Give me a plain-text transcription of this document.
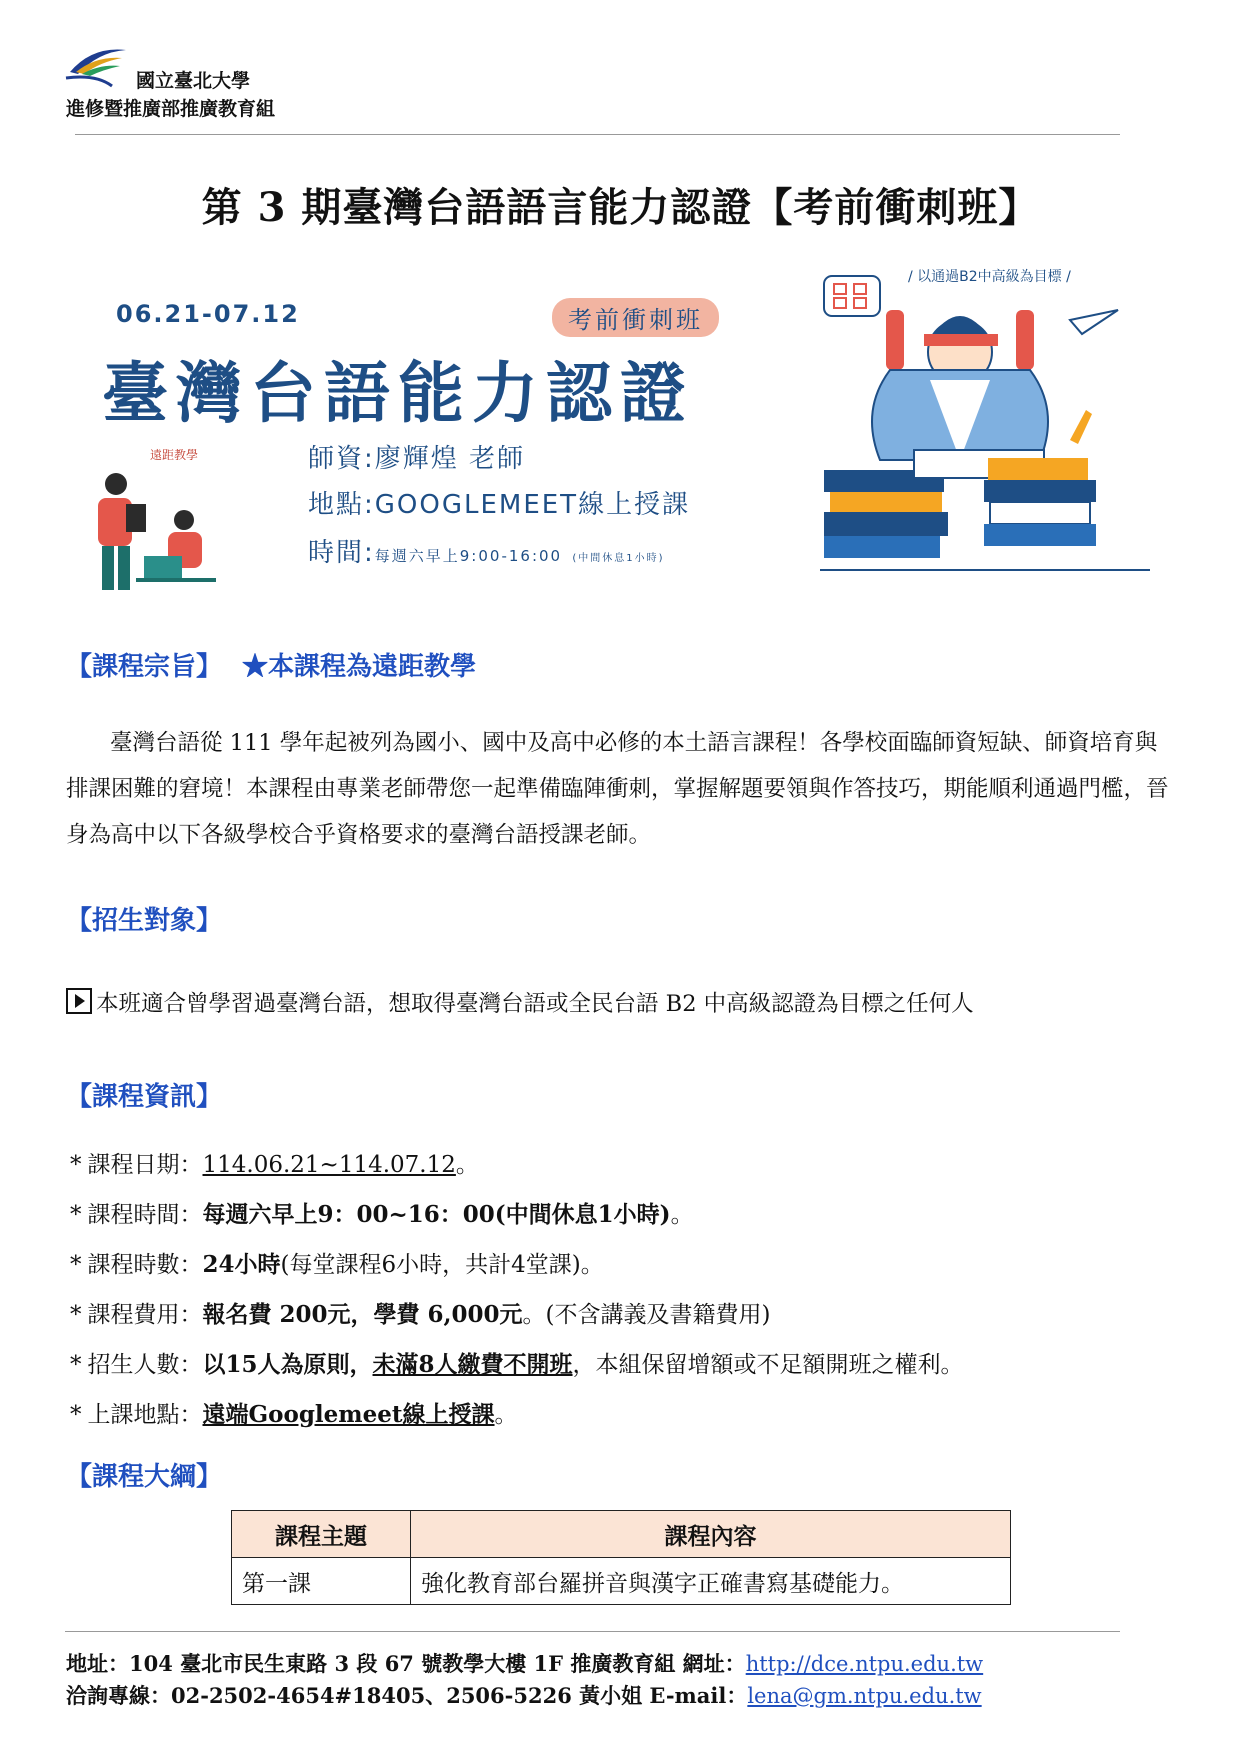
國立臺北大學
進修暨推廣部推廣教育組
第 3 期臺灣台語語言能力認證【考前衝刺班】
06.21-07.12	考前衝刺班
臺灣台語能力認證
遠距教學	師資:廖輝煌 老師
地點:GOOGLEMEET線上授課
時間:每週六早上9:00-16:00 (中間休息1小時)
/ 以通過B2中高級為目標 /
【課程宗旨】 ★本課程為遠距教學
臺灣台語從 111 學年起被列為國小、國中及高中必修的本土語言課程！各學校面臨師資短缺、師資培育與排課困難的窘境！本課程由專業老師帶您一起準備臨陣衝刺，掌握解題要領與作答技巧，期能順利通過門檻，晉身為高中以下各級學校合乎資格要求的臺灣台語授課老師。
【招生對象】
本班適合曾學習過臺灣台語，想取得臺灣台語或全民台語 B2 中高級認證為目標之任何人
【課程資訊】
* 課程日期：114.06.21~114.07.12。
* 課程時間：每週六早上9：00~16：00(中間休息1小時)。
* 課程時數：24小時(每堂課程6小時，共計4堂課)。
* 課程費用：報名費 200元，學費 6,000元。(不含講義及書籍費用)
* 招生人數：以15人為原則，未滿8人繳費不開班，本組保留增額或不足額開班之權利。
* 上課地點：遠端Googlemeet線上授課。
【課程大綱】
課程主題	課程內容
第一課	強化教育部台羅拼音與漢字正確書寫基礎能力。
地址：104 臺北市民生東路 3 段 67 號教學大樓 1F 推廣教育組 網址：http://dce.ntpu.edu.tw
洽詢專線：02-2502-4654#18405、2506-5226 黃小姐 E-mail：lena@gm.ntpu.edu.tw
